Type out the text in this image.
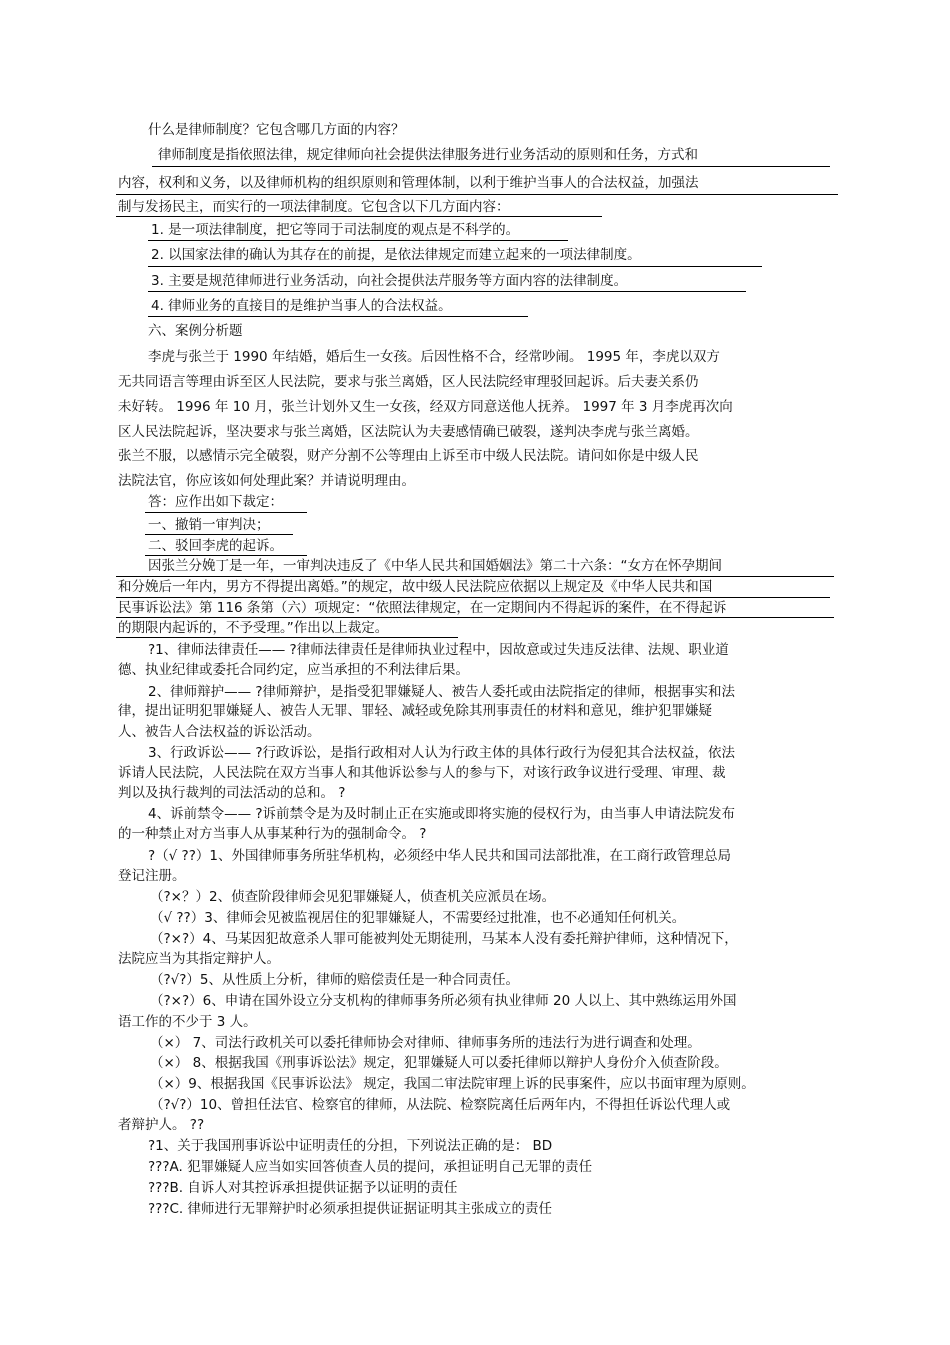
什么是律师制度？它包含哪几方面的内容？
律师制度是指依照法律，规定律师向社会提供法律服务进行业务活动的原则和任务，方式和
内容，权利和义务，以及律师机构的组织原则和管理体制，以利于维护当事人的合法权益，加强法
制与发扬民主，而实行的一项法律制度。它包含以下几方面内容：
1. 是一项法律制度，把它等同于司法制度的观点是不科学的。
2. 以国家法律的确认为其存在的前提，是依法律规定而建立起来的一项法律制度。
3. 主要是规范律师进行业务活动，向社会提供法芹服务等方面内容的法律制度。
4. 律师业务的直接目的是维护当事人的合法权益。
六、案例分析题
李虎与张兰于 1990 年结婚，婚后生一女孩。后因性格不合，经常吵闹。 1995 年，李虎以双方
无共同语言等理由诉至区人民法院，要求与张兰离婚，区人民法院经审理驳回起诉。后夫妻关系仍
未好转。 1996 年 10 月，张兰计划外又生一女孩，经双方同意送他人抚养。 1997 年 3 月李虎再次向
区人民法院起诉，坚决要求与张兰离婚，区法院认为夫妻感情确已破裂，遂判决李虎与张兰离婚。
张兰不服，以感情示完全破裂，财产分割不公等理由上诉至市中级人民法院。请问如你是中级人民
法院法官，你应该如何处理此案？并请说明理由。
答：应作出如下裁定：
一、撤销一审判决；
二、驳回李虎的起诉。
因张兰分娩丁是一年，一审判决违反了《中华人民共和国婚姻法》第二十六条：“女方在怀孕期间
和分娩后一年内，男方不得提出离婚。”的规定，故中级人民法院应依据以上规定及《中华人民共和国
民事诉讼法》第 116 条第（六）项规定：“依照法律规定，在一定期间内不得起诉的案件，在不得起诉
的期限内起诉的，不予受理。”作出以上裁定。
?1、律师法律责任—— ?律师法律责任是律师执业过程中，因故意或过失违反法律、法规、职业道
德、执业纪律或委托合同约定，应当承担的不利法律后果。
2、律师辩护—— ?律师辩护，是指受犯罪嫌疑人、被告人委托或由法院指定的律师，根据事实和法
律，提出证明犯罪嫌疑人、被告人无罪、罪轻、减轻或免除其刑事责任的材料和意见，维护犯罪嫌疑
人、被告人合法权益的诉讼活动。
3、行政诉讼—— ?行政诉讼，是指行政相对人认为行政主体的具体行政行为侵犯其合法权益，依法
诉请人民法院，人民法院在双方当事人和其他诉讼参与人的参与下，对该行政争议进行受理、审理、裁
判以及执行裁判的司法活动的总和。 ?
4、诉前禁令—— ?诉前禁令是为及时制止正在实施或即将实施的侵权行为，由当事人申请法院发布
的一种禁止对方当事人从事某种行为的强制命令。 ?
?（√ ??）1、外国律师事务所驻华机构，必须经中华人民共和国司法部批准，在工商行政管理总局
登记注册。
（?×？）2、侦查阶段律师会见犯罪嫌疑人，侦查机关应派员在场。
（√ ??）3、律师会见被监视居住的犯罪嫌疑人，不需要经过批准，也不必通知任何机关。
（?×?）4、马某因犯故意杀人罪可能被判处无期徒刑，马某本人没有委托辩护律师，这种情况下，
法院应当为其指定辩护人。
（?√?）5、从性质上分析，律师的赔偿责任是一种合同责任。
（?×?）6、申请在国外设立分支机构的律师事务所必须有执业律师 20 人以上、其中熟练运用外国
语工作的不少于 3 人。
（×） 7、司法行政机关可以委托律师协会对律师、律师事务所的违法行为进行调查和处理。
（×） 8、根据我国《刑事诉讼法》规定，犯罪嫌疑人可以委托律师以辩护人身份介入侦查阶段。
（×）9、根据我国《民事诉讼法》 规定，我国二审法院审理上诉的民事案件，应以书面审理为原则。
（?√?）10、曾担任法官、检察官的律师，从法院、检察院离任后两年内，不得担任诉讼代理人或
者辩护人。 ??
?1、关于我国刑事诉讼中证明责任的分担，下列说法正确的是： BD
???A. 犯罪嫌疑人应当如实回答侦查人员的提问，承担证明自己无罪的责任
???B. 自诉人对其控诉承担提供证据予以证明的责任
???C. 律师进行无罪辩护时必须承担提供证据证明其主张成立的责任
